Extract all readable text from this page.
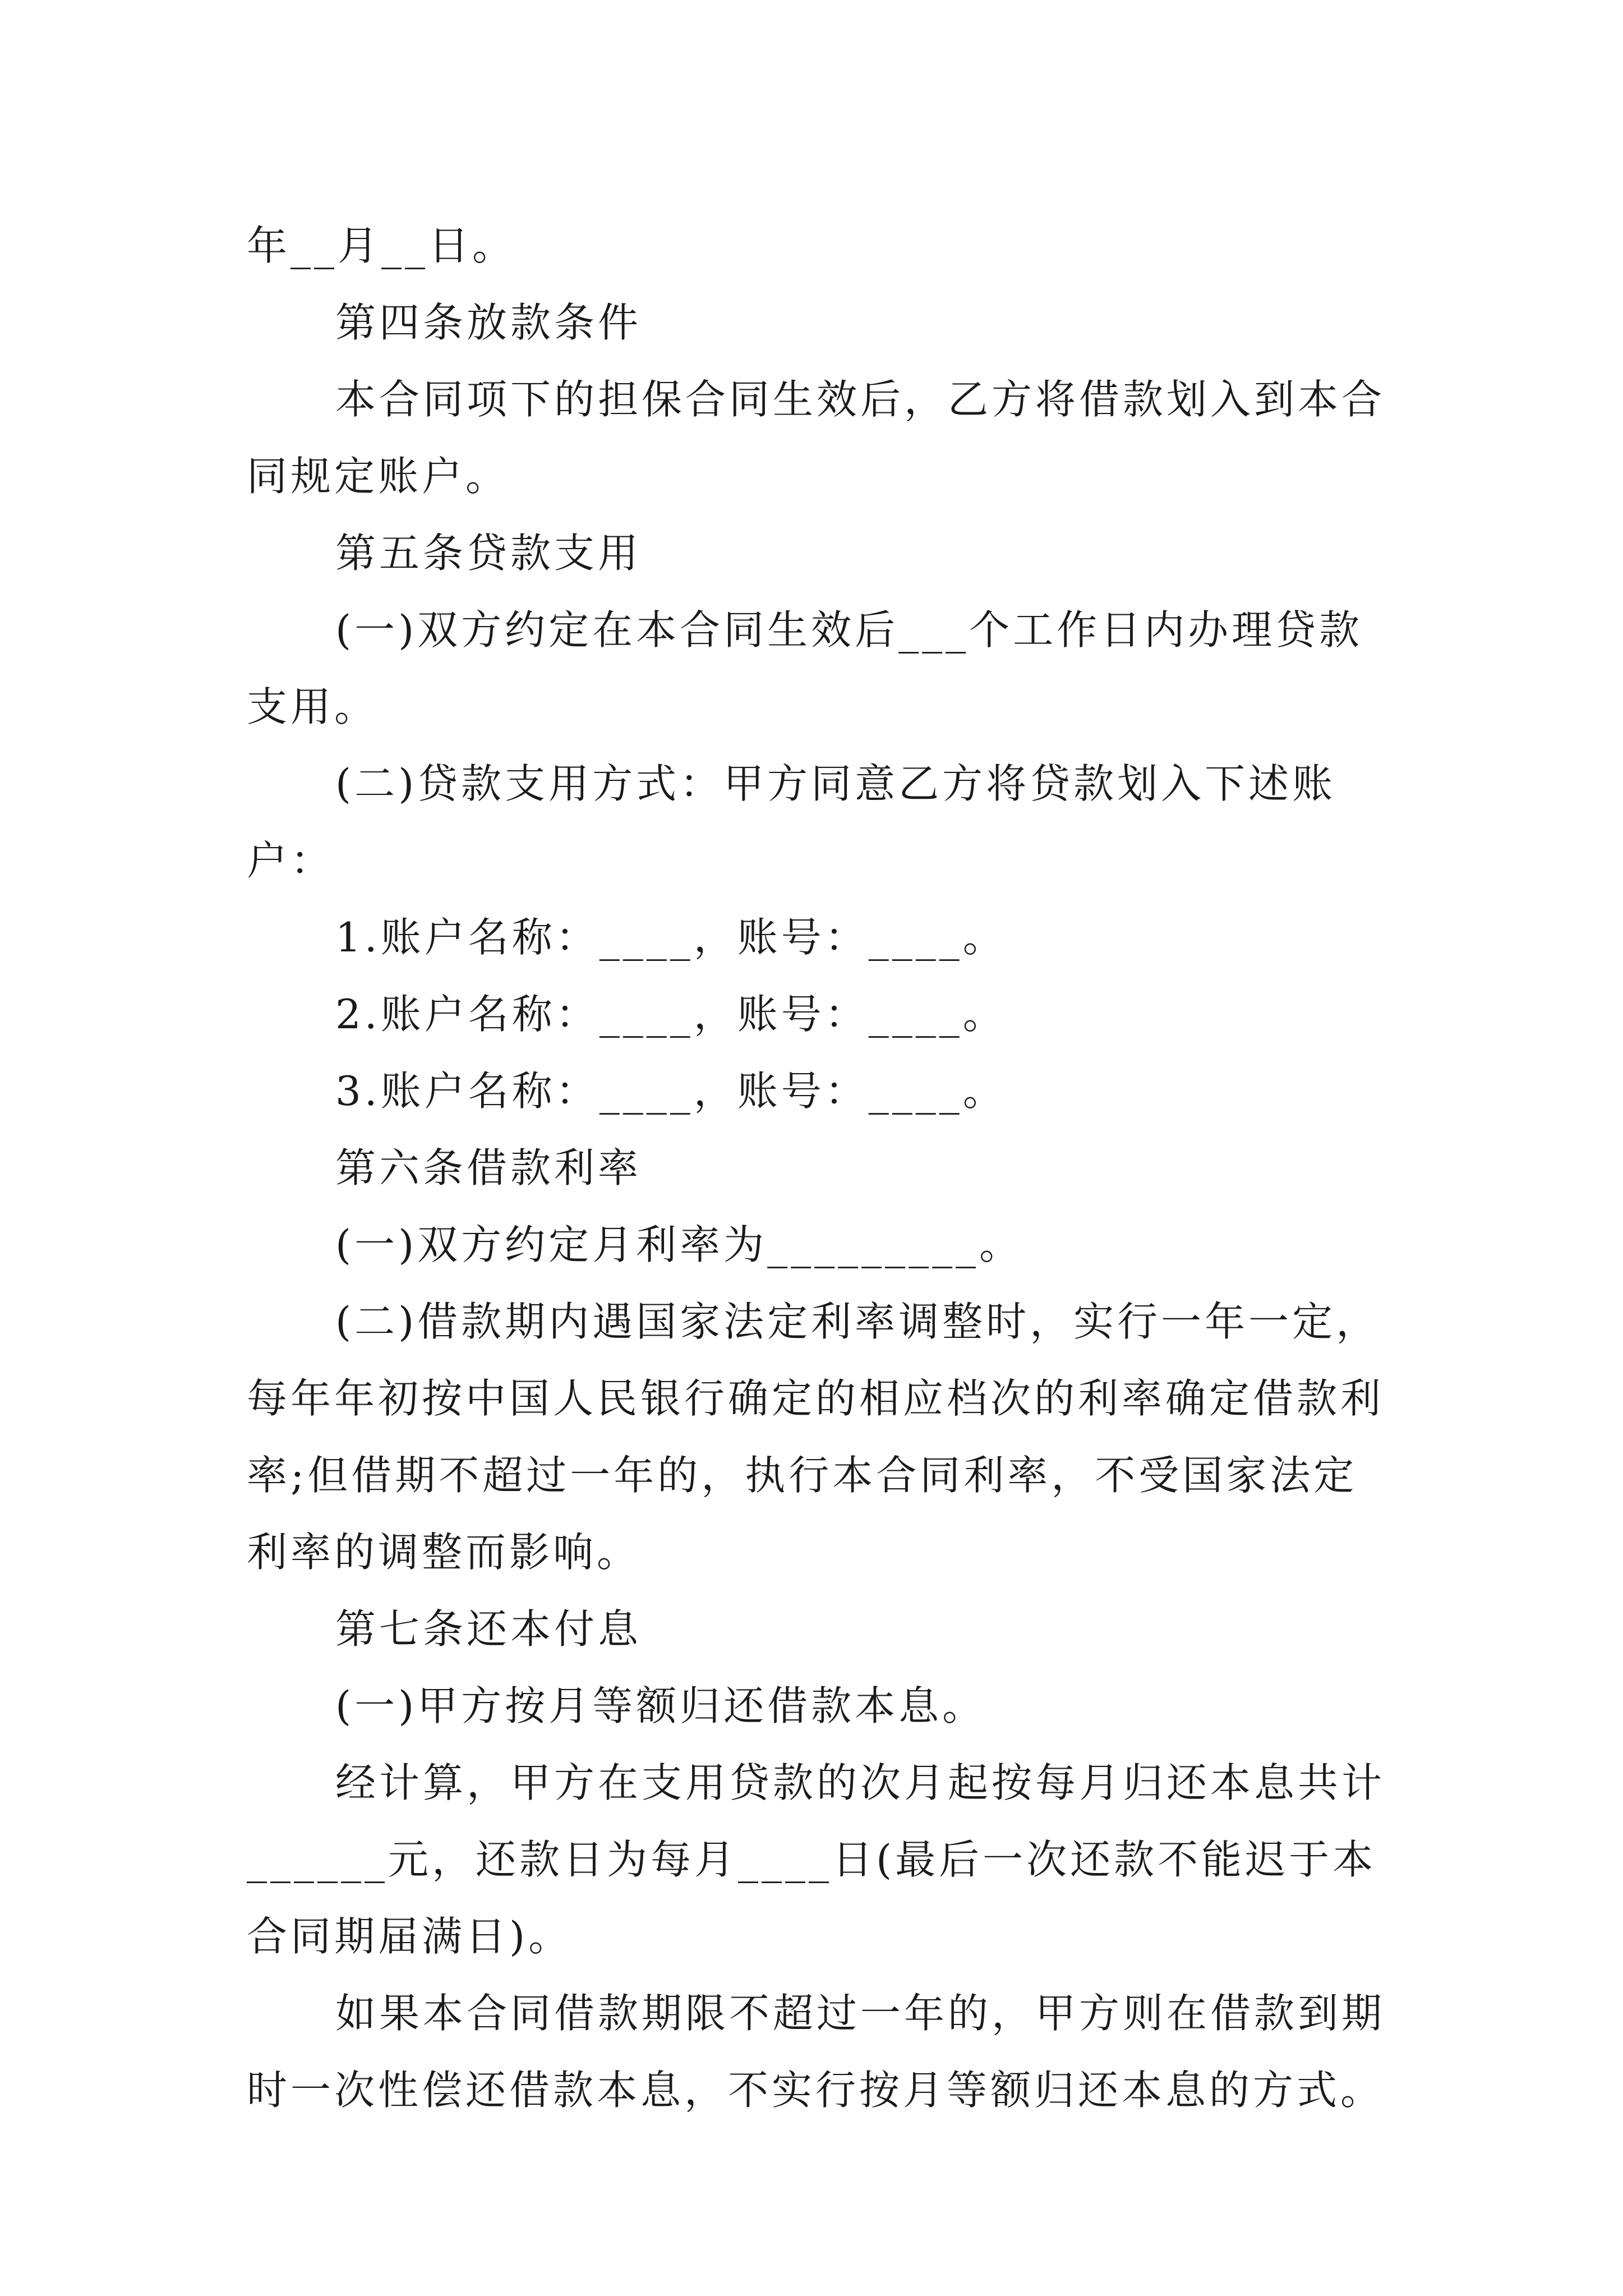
年__月__日。

第四条放款条件

本合同项下的担保合同生效后，乙方将借款划入到本合同规定账户。

第五条贷款支用

(一)双方约定在本合同生效后___个工作日内办理贷款支用。

(二)贷款支用方式：甲方同意乙方将贷款划入下述账户：

1.账户名称：____，账号：____。

2.账户名称：____，账号：____。

3.账户名称：____，账号：____。

第六条借款利率

(一)双方约定月利率为_________。

(二)借款期内遇国家法定利率调整时，实行一年一定，每年年初按中国人民银行确定的相应档次的利率确定借款利率;但借期不超过一年的，执行本合同利率，不受国家法定利率的调整而影响。

第七条还本付息

(一)甲方按月等额归还借款本息。

经计算，甲方在支用贷款的次月起按每月归还本息共计______元，还款日为每月____日(最后一次还款不能迟于本合同期届满日)。

如果本合同借款期限不超过一年的，甲方则在借款到期时一次性偿还借款本息，不实行按月等额归还本息的方式。
